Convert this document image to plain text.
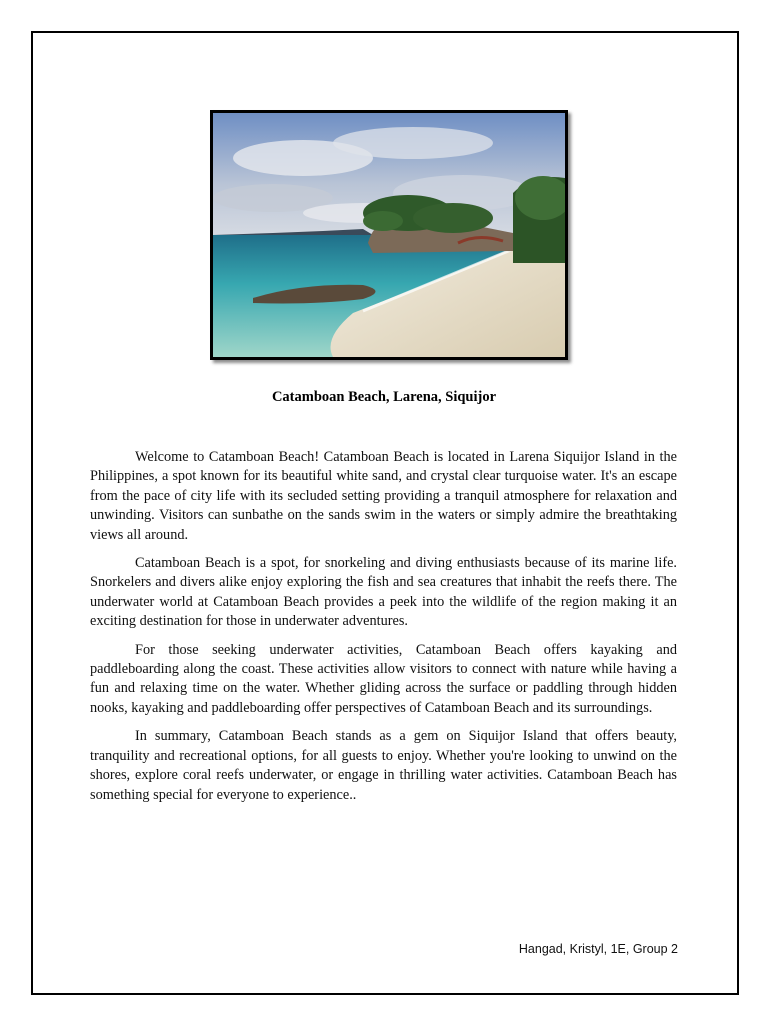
Catamboan Beach, Larena, Siquijor

Welcome to Catamboan Beach! Catamboan Beach is located in Larena Siquijor Island in the Philippines, a spot known for its beautiful white sand, and crystal clear turquoise water. It's an escape from the pace of city life with its secluded setting providing a tranquil atmosphere for relaxation and unwinding. Visitors can sunbathe on the sands swim in the waters or simply admire the breathtaking views all around.

Catamboan Beach is a spot, for snorkeling and diving enthusiasts because of its marine life. Snorkelers and divers alike enjoy exploring the fish and sea creatures that inhabit the reefs there. The underwater world at Catamboan Beach provides a peek into the wildlife of the region making it an exciting destination for those in underwater adventures.

For those seeking underwater activities, Catamboan Beach offers kayaking and paddleboarding along the coast. These activities allow visitors to connect with nature while having a fun and relaxing time on the water. Whether gliding across the surface or paddling through hidden nooks, kayaking and paddleboarding offer perspectives of Catamboan Beach and its surroundings.

In summary, Catamboan Beach stands as a gem on Siquijor Island that offers beauty, tranquility and recreational options, for all guests to enjoy. Whether you're looking to unwind on the shores, explore coral reefs underwater, or engage in thrilling water activities. Catamboan Beach has something special for everyone to experience..

Hangad, Kristyl, 1E, Group 2
